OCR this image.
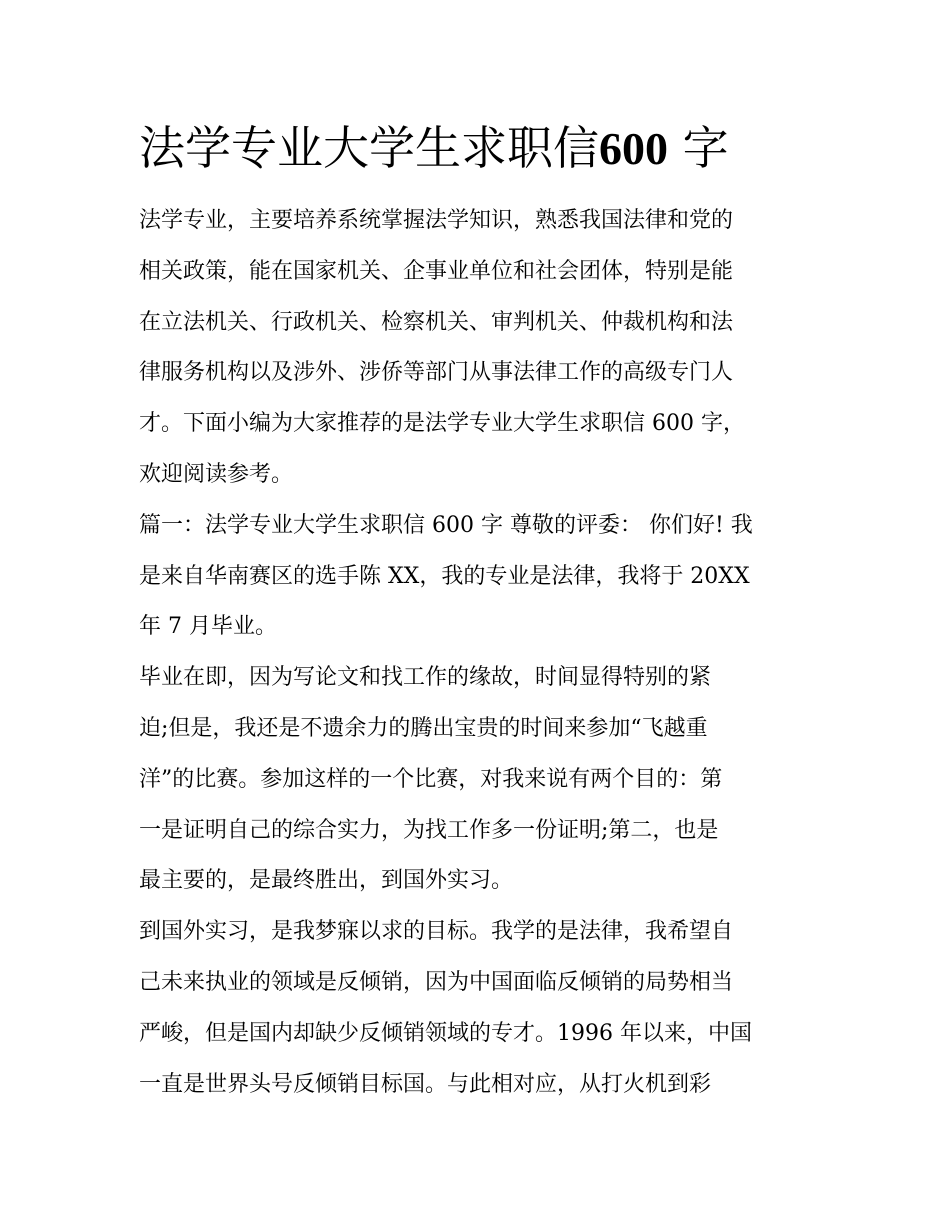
法学专业大学生求职信600 字
法学专业，主要培养系统掌握法学知识，熟悉我国法律和党的
相关政策，能在国家机关、企事业单位和社会团体，特别是能
在立法机关、行政机关、检察机关、审判机关、仲裁机构和法
律服务机构以及涉外、涉侨等部门从事法律工作的高级专门人
才。下面小编为大家推荐的是法学专业大学生求职信 600 字，
欢迎阅读参考。
篇一：法学专业大学生求职信 600 字 尊敬的评委： 你们好! 我
是来自华南赛区的选手陈 XX，我的专业是法律，我将于 20XX
年 7 月毕业。
毕业在即，因为写论文和找工作的缘故，时间显得特别的紧
迫;但是，我还是不遗余力的腾出宝贵的时间来参加“飞越重
洋”的比赛。参加这样的一个比赛，对我来说有两个目的：第
一是证明自己的综合实力，为找工作多一份证明;第二，也是
最主要的，是最终胜出，到国外实习。
到国外实习，是我梦寐以求的目标。我学的是法律，我希望自
己未来执业的领域是反倾销，因为中国面临反倾销的局势相当
严峻，但是国内却缺少反倾销领域的专才。1996 年以来，中国
一直是世界头号反倾销目标国。与此相对应，从打火机到彩
